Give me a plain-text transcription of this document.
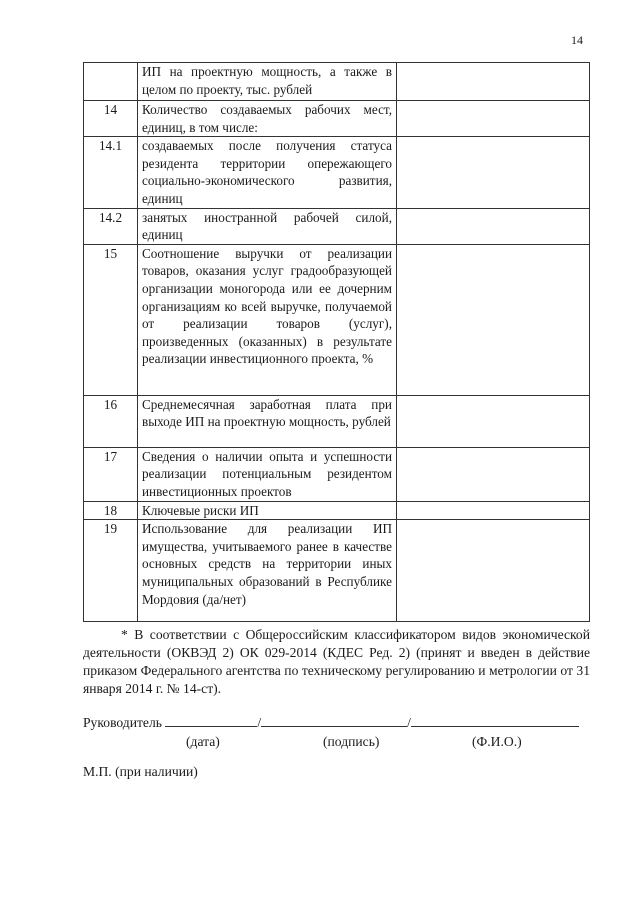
14
	ИП на проектную мощность, а также в целом по проекту, тыс. рублей	
14	Количество создаваемых рабочих мест, единиц, в том числе:	
14.1	создаваемых после получения статуса резидента территории опережающего социально-экономического развития, единиц	
14.2	занятых иностранной рабочей силой, единиц	
15	Соотношение выручки от реализации товаров, оказания услуг градообразующей организации моногорода или ее дочерним организациям ко всей выручке, получаемой от реализации товаров (услуг), произведенных (оказанных) в результате реализации инвестиционного проекта, %	
16	Среднемесячная заработная плата при выходе ИП на проектную мощность, рублей	
17	Сведения о наличии опыта и успешности реализации потенциальным резидентом инвестиционных проектов	
18	Ключевые риски ИП	
19	Использование для реализации ИП имущества, учитываемого ранее в качестве основных средств на территории иных муниципальных образований в Республике Мордовия (да/нет)	
* В соответствии с Общероссийским классификатором видов экономической деятельности (ОКВЭД 2) ОК 029-2014 (КДЕС Ред. 2) (принят и введен в действие приказом Федерального агентства по техническому регулированию и метрологии от 31 января 2014 г. № 14-ст).
Руководитель	/	/
(дата)	(подпись)	(Ф.И.О.)
М.П. (при наличии)
